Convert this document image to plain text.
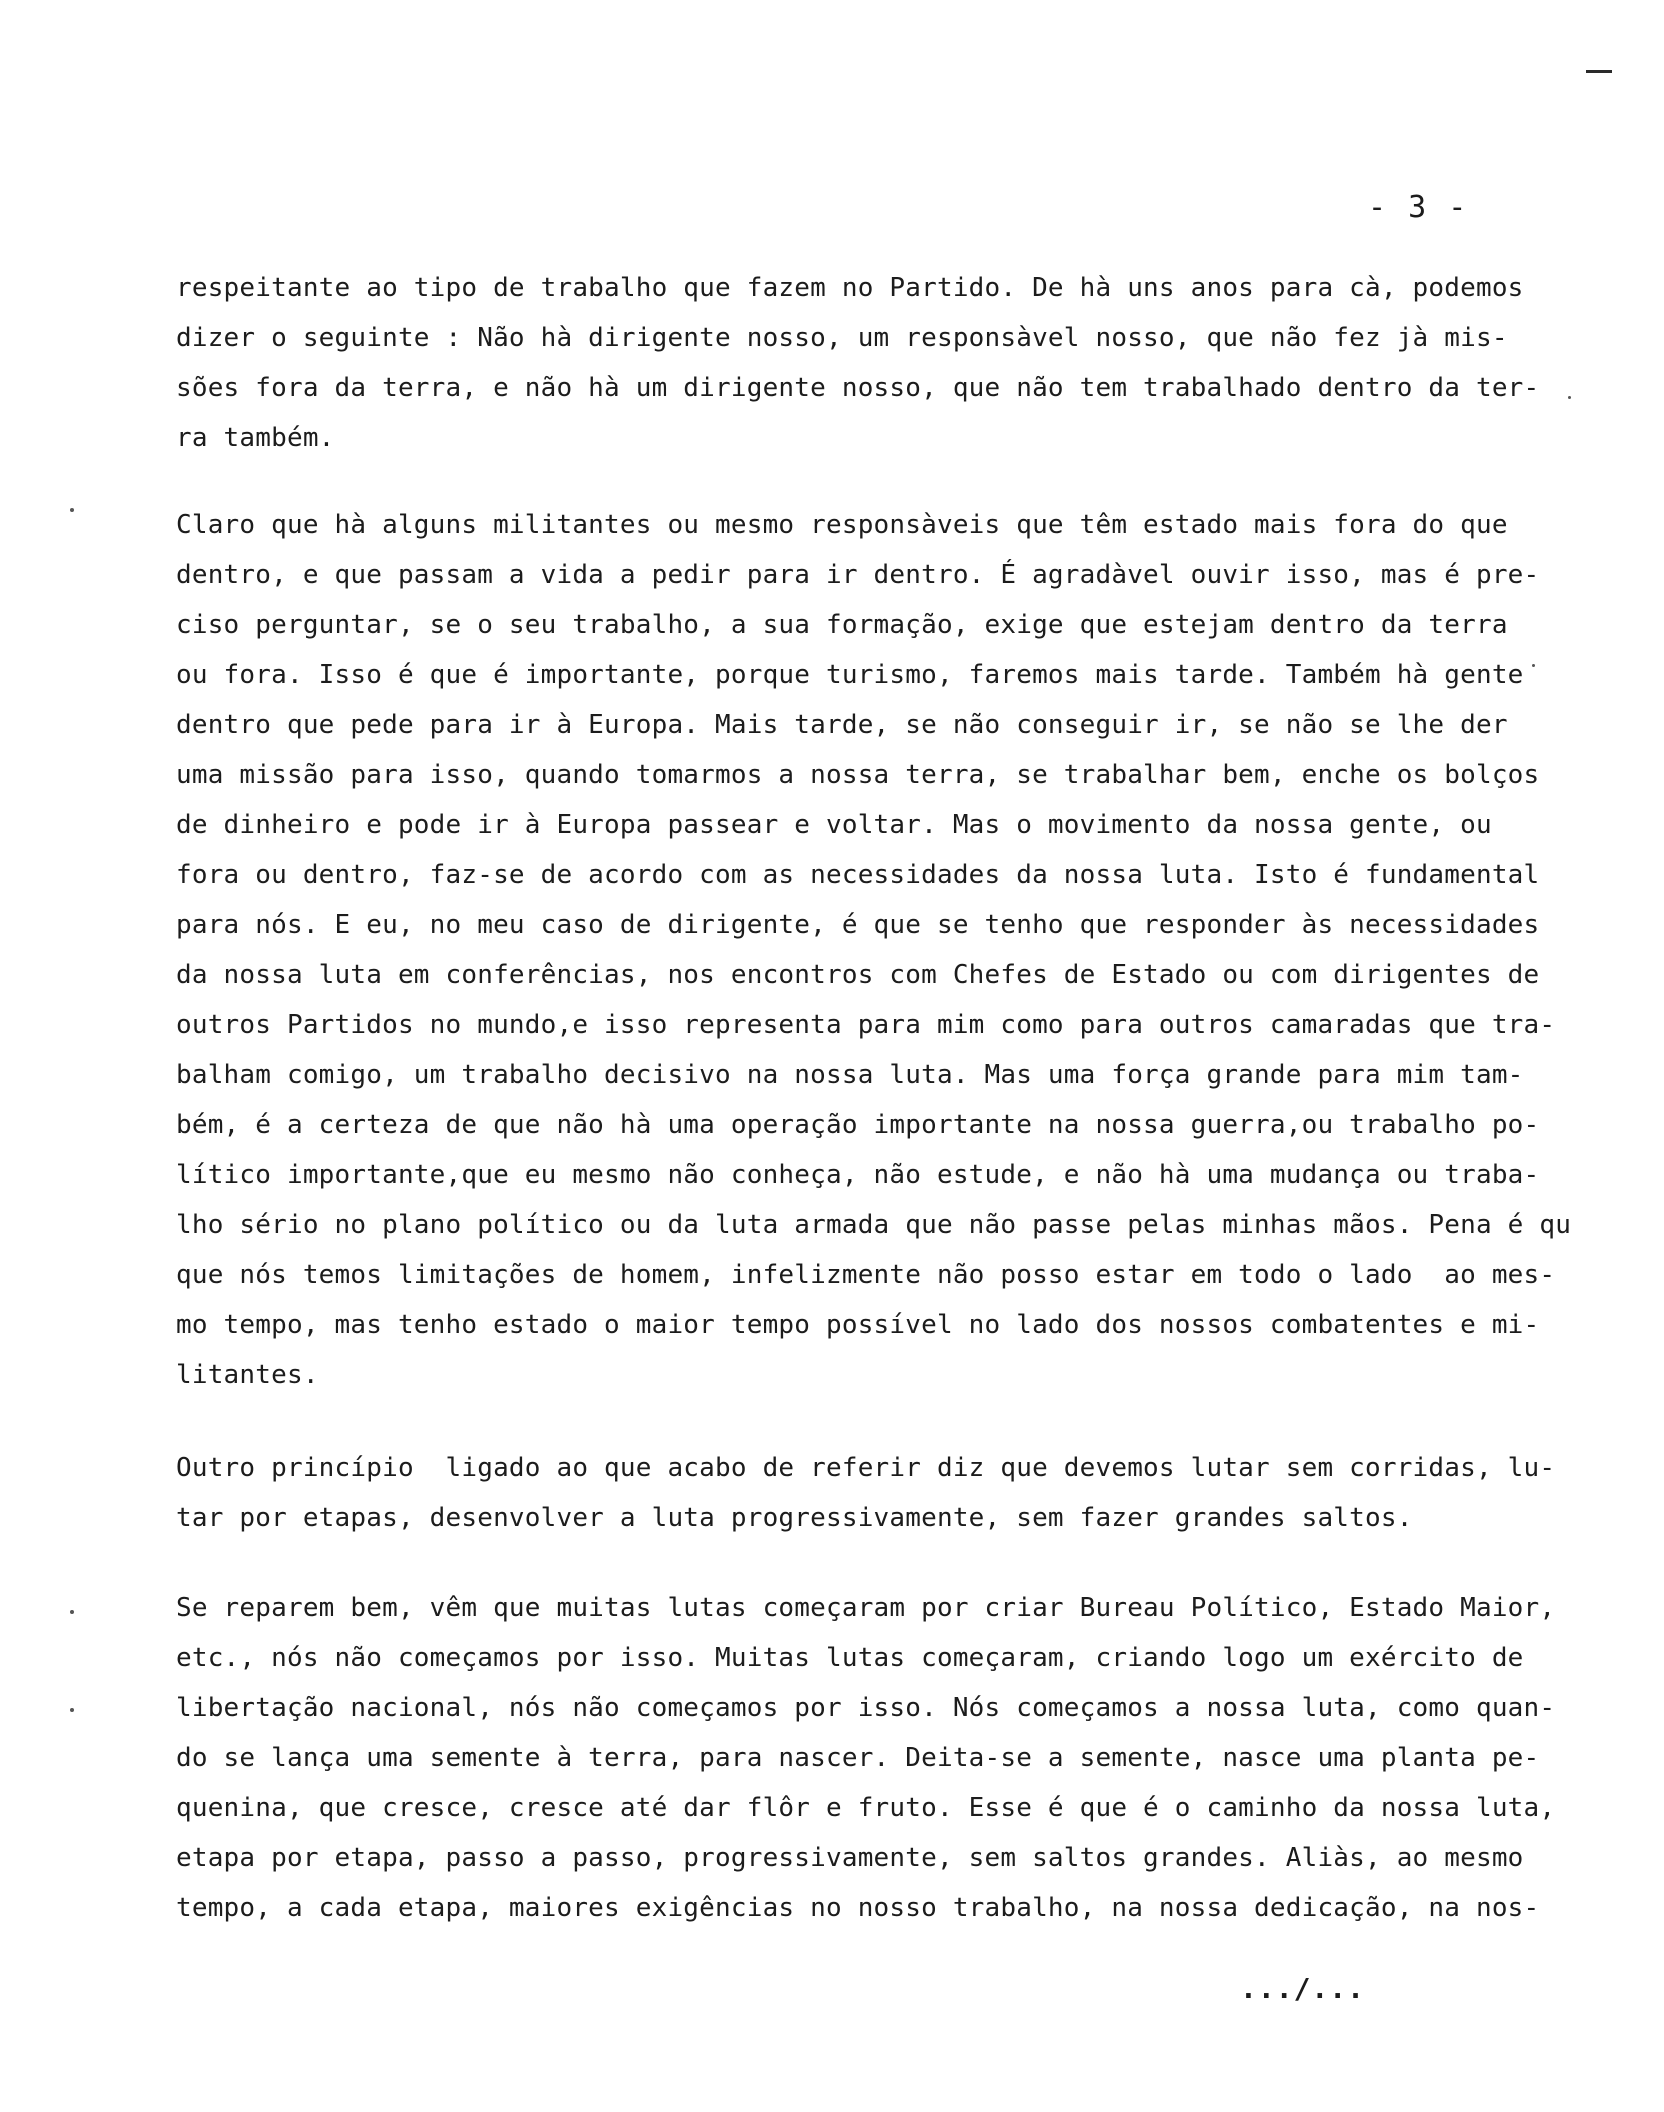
- 3 -
respeitante ao tipo de trabalho que fazem no Partido. De hà uns anos para cà, podemos
dizer o seguinte : Não hà dirigente nosso, um responsàvel nosso, que não fez jà mis-
sões fora da terra, e não hà um dirigente nosso, que não tem trabalhado dentro da ter-
ra também.
Claro que hà alguns militantes ou mesmo responsàveis que têm estado mais fora do que
dentro, e que passam a vida a pedir para ir dentro. É agradàvel ouvir isso, mas é pre-
ciso perguntar, se o seu trabalho, a sua formação, exige que estejam dentro da terra
ou fora. Isso é que é importante, porque turismo, faremos mais tarde. Também hà gente
dentro que pede para ir à Europa. Mais tarde, se não conseguir ir, se não se lhe der
uma missão para isso, quando tomarmos a nossa terra, se trabalhar bem, enche os bolços
de dinheiro e pode ir à Europa passear e voltar. Mas o movimento da nossa gente, ou
fora ou dentro, faz-se de acordo com as necessidades da nossa luta. Isto é fundamental
para nós. E eu, no meu caso de dirigente, é que se tenho que responder às necessidades
da nossa luta em conferências, nos encontros com Chefes de Estado ou com dirigentes de
outros Partidos no mundo,e isso representa para mim como para outros camaradas que tra-
balham comigo, um trabalho decisivo na nossa luta. Mas uma força grande para mim tam-
bém, é a certeza de que não hà uma operação importante na nossa guerra,ou trabalho po-
lítico importante,que eu mesmo não conheça, não estude, e não hà uma mudança ou traba-
lho sério no plano político ou da luta armada que não passe pelas minhas mãos. Pena é qu
que nós temos limitações de homem, infelizmente não posso estar em todo o lado  ao mes-
mo tempo, mas tenho estado o maior tempo possível no lado dos nossos combatentes e mi-
litantes.
Outro princípio  ligado ao que acabo de referir diz que devemos lutar sem corridas, lu-
tar por etapas, desenvolver a luta progressivamente, sem fazer grandes saltos.
Se reparem bem, vêm que muitas lutas começaram por criar Bureau Político, Estado Maior,
etc., nós não começamos por isso. Muitas lutas começaram, criando logo um exército de
libertação nacional, nós não começamos por isso. Nós começamos a nossa luta, como quan-
do se lança uma semente à terra, para nascer. Deita-se a semente, nasce uma planta pe-
quenina, que cresce, cresce até dar flôr e fruto. Esse é que é o caminho da nossa luta,
etapa por etapa, passo a passo, progressivamente, sem saltos grandes. Aliàs, ao mesmo
tempo, a cada etapa, maiores exigências no nosso trabalho, na nossa dedicação, na nos-
.../...
